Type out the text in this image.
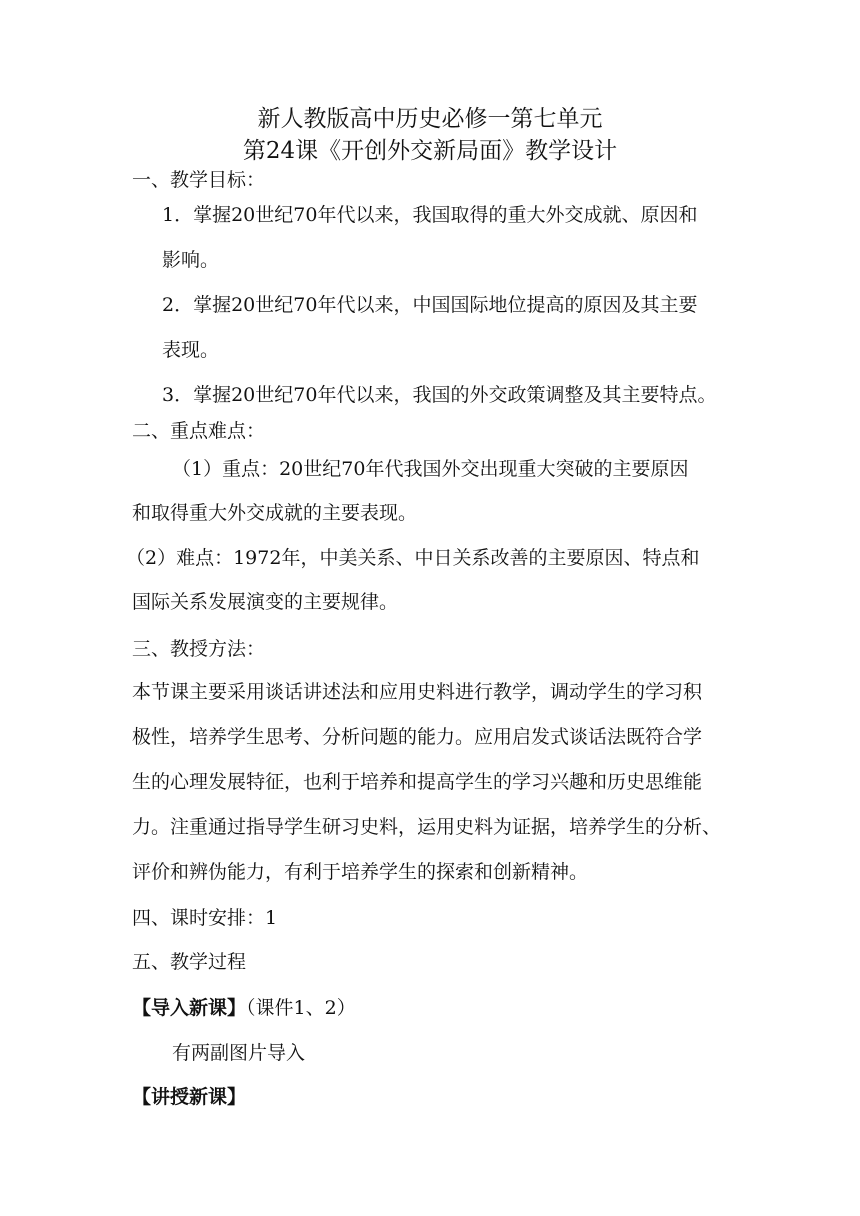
新人教版高中历史必修一第七单元
第24课《开创外交新局面》教学设计
一、教学目标：
1．掌握20世纪70年代以来，我国取得的重大外交成就、原因和
影响。
2．掌握20世纪70年代以来，中国国际地位提高的原因及其主要
表现。
3．掌握20世纪70年代以来，我国的外交政策调整及其主要特点。
二、重点难点：
（1）重点：20世纪70年代我国外交出现重大突破的主要原因
和取得重大外交成就的主要表现。
（2）难点：1972年，中美关系、中日关系改善的主要原因、特点和
国际关系发展演变的主要规律。
三、教授方法：
本节课主要采用谈话讲述法和应用史料进行教学，调动学生的学习积
极性，培养学生思考、分析问题的能力。应用启发式谈话法既符合学
生的心理发展特征，也利于培养和提高学生的学习兴趣和历史思维能
力。注重通过指导学生研习史料，运用史料为证据，培养学生的分析、
评价和辨伪能力，有利于培养学生的探索和创新精神。
四、课时安排：1
五、教学过程
【导入新课】（课件1、2）
有两副图片导入
【讲授新课】
